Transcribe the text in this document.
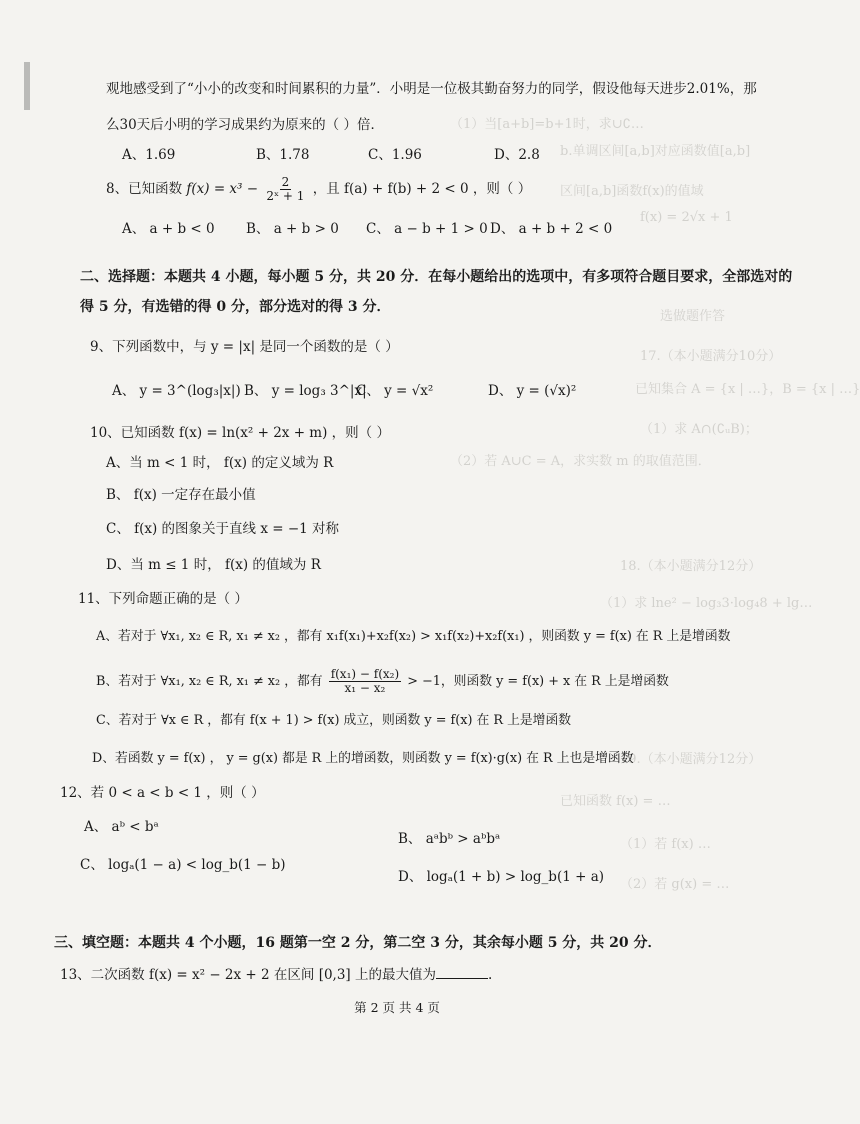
（1）当[a+b]=b+1时，求∪∁…
b.单调区间[a,b]对应函数值[a,b]
区间[a,b]函数f(x)的值域
f(x) = 2√x + 1
选做题作答
17.（本小题满分10分）
已知集合 A = {x | …}，B = {x | …}
（1）求 A∩(∁ᵤB)；
（2）若 A∪C = A，求实数 m 的取值范围．
18.（本小题满分12分）
（1）求 lne² − log₃3·log₄8 + lg…
19.（本小题满分12分）
已知函数 f(x) = …
（1）若 f(x) …
（2）若 g(x) = …
观地感受到了“小小的改变和时间累积的力量”．小明是一位极其勤奋努力的同学，假设他每天进步2.01%，那
么30天后小明的学习成果约为原来的（ ）倍．
A、1.69	B、1.78	C、1.96	D、2.8
8、已知函数 $f(x) = x^3 - \frac{2}{\text{2ˣ + 1}}$ ，且 f(a) + f(b) + 2 < 0 ，则（ ）
A、 a + b < 0 B、 a + b > 0 C、 a − b + 1 > 0 D、 a + b + 2 < 0
二、选择题：本题共 4 小题，每小题 5 分，共 20 分．在每小题给出的选项中，有多项符合题目要求，全部选对的
得 5 分，有选错的得 0 分，部分选对的得 3 分．
9、下列函数中，与 y = |x| 是同一个函数的是（ ）
A、 y = 3^(log₃|x|) B、 y = log₃ 3^|x|
C、 y = √x²	D、 y = (√x)²
10、已知函数 f(x) = ln(x² + 2x + m) ，则（ ）
A、当 m < 1 时， f(x) 的定义域为 R
B、 f(x) 一定存在最小值
C、 f(x) 的图象关于直线 x = −1 对称
D、当 m ≤ 1 时， f(x) 的值域为 R
11、下列命题正确的是（ ）
A、若对于 ∀x₁, x₂ ∈ R, x₁ ≠ x₂ ，都有 x₁f(x₁)+x₂f(x₂) > x₁f(x₂)+x₂f(x₁) ，则函数 y = f(x) 在 R 上是增函数
B、若对于 ∀x₁, x₂ ∈ R, x₁ ≠ x₂ ，都有 $\frac{\text{f(x₁) − f(x₂)}}{\text{x₁ − x₂}} > -1$，则函数 y = f(x) + x 在 R 上是增函数
C、若对于 ∀x ∈ R ，都有 f(x + 1) > f(x) 成立，则函数 y = f(x) 在 R 上是增函数
D、若函数 y = f(x) ， y = g(x) 都是 R 上的增函数，则函数 y = f(x)·g(x) 在 R 上也是增函数
12、若 0 < a < b < 1 ，则（ ）
A、 aᵇ < bᵃ
B、 aᵃbᵇ > aᵇbᵃ
C、 logₐ(1 − a) < log_b(1 − b)
D、 logₐ(1 + b) > log_b(1 + a)
三、填空题：本题共 4 个小题，16 题第一空 2 分，第二空 3 分，其余每小题 5 分，共 20 分．
13、二次函数 f(x) = x² − 2x + 2 在区间 [0,3] 上的最大值为	.
第 2 页 共 4 页
